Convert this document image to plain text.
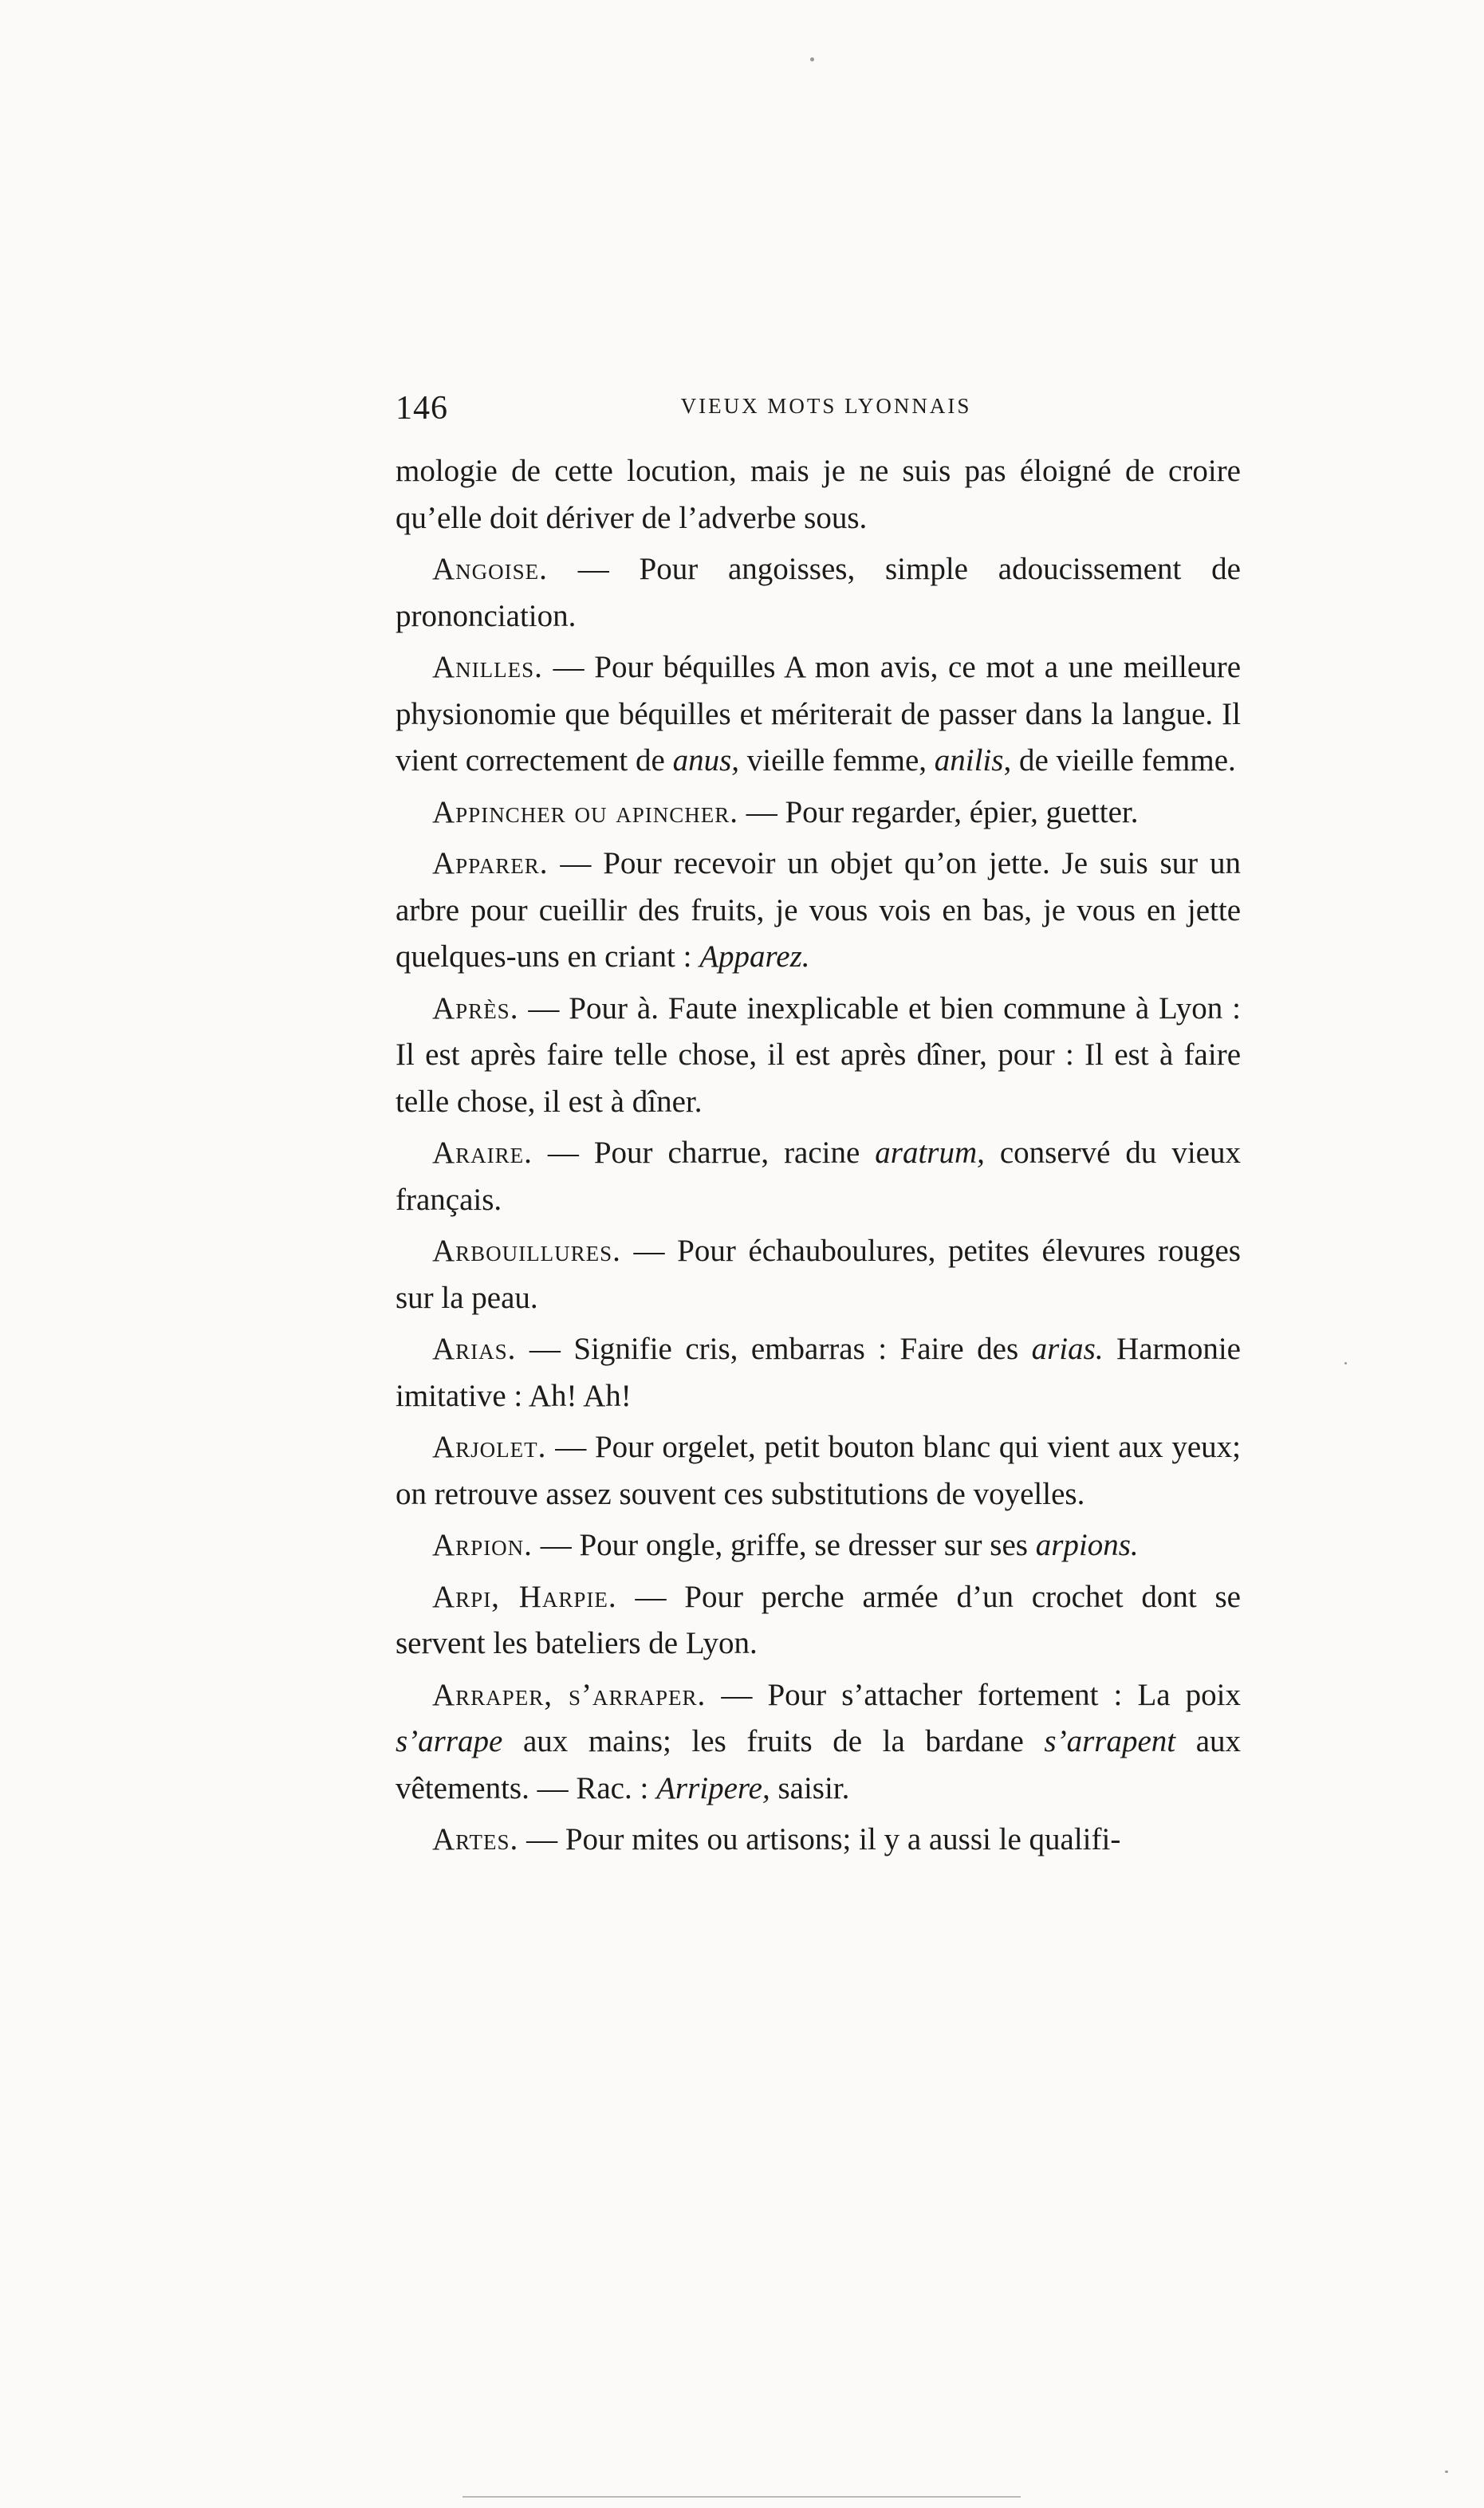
146	VIEUX MOTS LYONNAIS

mologie de cette locution, mais je ne suis pas éloigné de croire qu’elle doit dériver de l’adverbe sous.

Angoise. — Pour angoisses, simple adoucissement de prononciation.

Anilles. — Pour béquilles A mon avis, ce mot a une meilleure physionomie que béquilles et mériterait de passer dans la langue. Il vient correctement de anus, vieille femme, anilis, de vieille femme.

Appincher ou apincher. — Pour regarder, épier, guetter.

Apparer. — Pour recevoir un objet qu’on jette. Je suis sur un arbre pour cueillir des fruits, je vous vois en bas, je vous en jette quelques-uns en criant : Apparez.

Après. — Pour à. Faute inexplicable et bien commune à Lyon : Il est après faire telle chose, il est après dîner, pour : Il est à faire telle chose, il est à dîner.

Araire. — Pour charrue, racine aratrum, conservé du vieux français.

Arbouillures. — Pour échauboulures, petites élevures rouges sur la peau.

Arias. — Signifie cris, embarras : Faire des arias. Harmonie imitative : Ah! Ah!

Arjolet. — Pour orgelet, petit bouton blanc qui vient aux yeux; on retrouve assez souvent ces substitutions de voyelles.

Arpion. — Pour ongle, griffe, se dresser sur ses arpions.

Arpi, Harpie. — Pour perche armée d’un crochet dont se servent les bateliers de Lyon.

Arraper, s’arraper. — Pour s’attacher fortement : La poix s’arrape aux mains; les fruits de la bardane s’arrapent aux vêtements. — Rac. : Arripere, saisir.

Artes. — Pour mites ou artisons; il y a aussi le qualifi-
